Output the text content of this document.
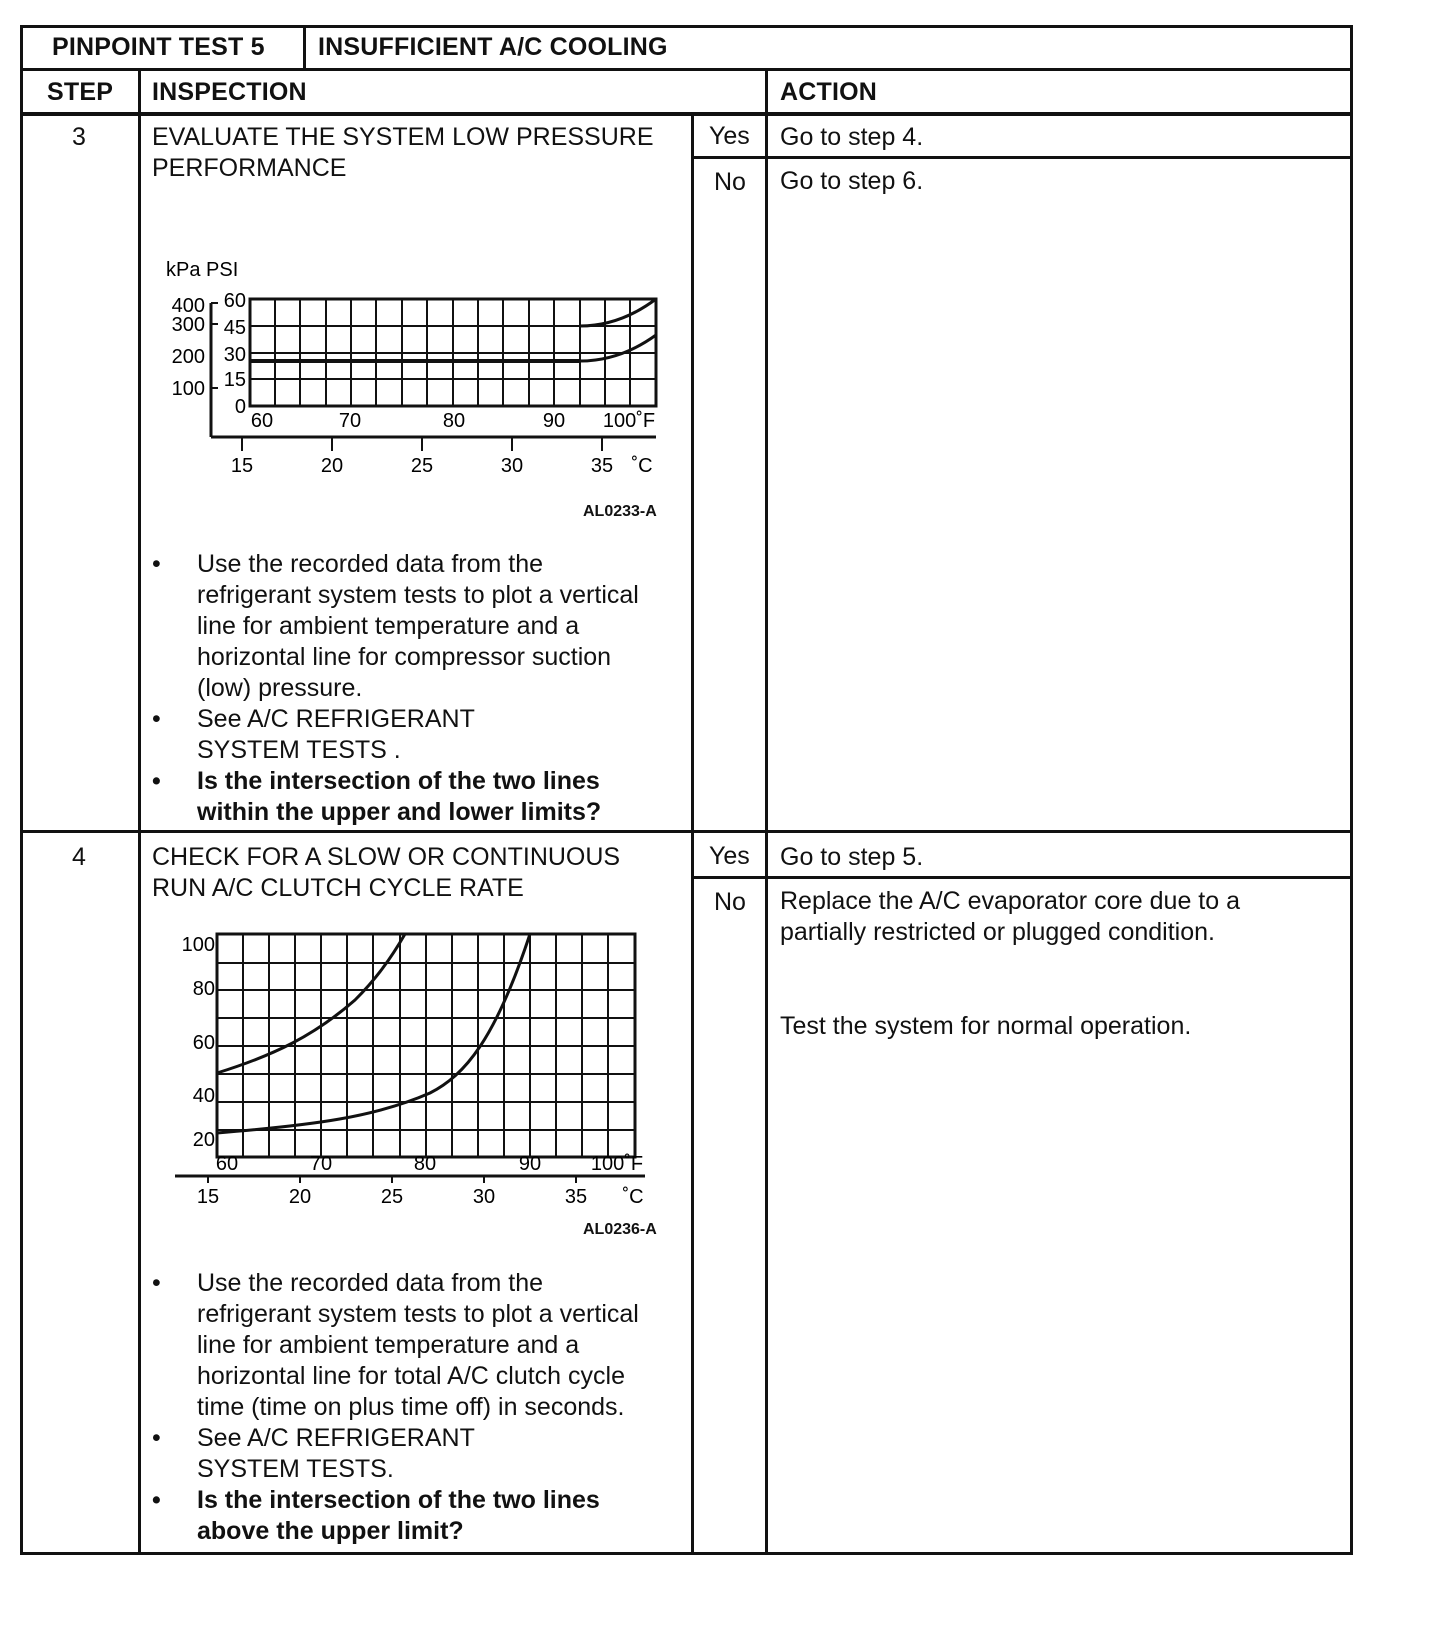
PINPOINT TEST 5 INSUFFICIENT A/C COOLING
STEP INSPECTION	ACTION
3	EVALUATE THE SYSTEM LOW PRESSURE
PERFORMANCE
Yes Go to step 4.
No Go to step 6.
kPa PSI
400
300
200
100
60
45
30
15
0
60	70	80	90 100˚F
15	20	25	30	35 ˚C
AL0233-A
• Use the recorded data from the
refrigerant system tests to plot a vertical
line for ambient temperature and a
horizontal line for compressor suction
(low) pressure.
• See A/C REFRIGERANT
SYSTEM TESTS .
• Is the intersection of the two lines
within the upper and lower limits?
4	CHECK FOR A SLOW OR CONTINUOUS
RUN A/C CLUTCH CYCLE RATE
Yes Go to step 5.
No Replace the A/C evaporator core due to a
partially restricted or plugged condition.
Test the system for normal operation.
100
80
60
40
20
60	70	80	90 100˚F
15	20	25	30	35 ˚C
AL0236-A
• Use the recorded data from the
refrigerant system tests to plot a vertical
line for ambient temperature and a
horizontal line for total A/C clutch cycle
time (time on plus time off) in seconds.
• See A/C REFRIGERANT
SYSTEM TESTS.
• Is the intersection of the two lines
above the upper limit?
